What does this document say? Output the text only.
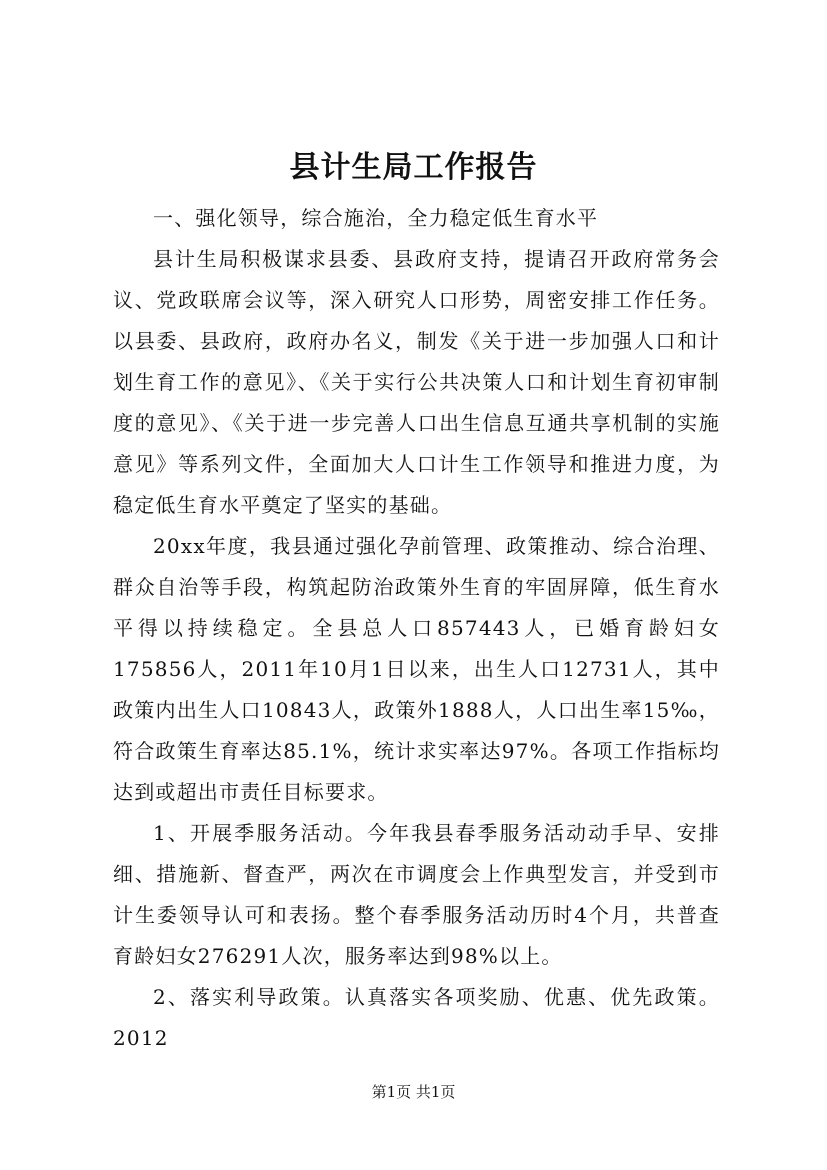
县计生局工作报告

一、强化领导，综合施治，全力稳定低生育水平

县计生局积极谋求县委、县政府支持，提请召开政府常务会议、党政联席会议等，深入研究人口形势，周密安排工作任务。以县委、县政府，政府办名义，制发《关于进一步加强人口和计划生育工作的意见》、《关于实行公共决策人口和计划生育初审制度的意见》、《关于进一步完善人口出生信息互通共享机制的实施意见》等系列文件，全面加大人口计生工作领导和推进力度，为稳定低生育水平奠定了坚实的基础。

20xx年度，我县通过强化孕前管理、政策推动、综合治理、群众自治等手段，构筑起防治政策外生育的牢固屏障，低生育水平得以持续稳定。全县总人口857443人，已婚育龄妇女175856人，2011年10月1日以来，出生人口12731人，其中政策内出生人口10843人，政策外1888人，人口出生率15‰，符合政策生育率达85.1%，统计求实率达97%。各项工作指标均达到或超出市责任目标要求。

1、开展季服务活动。今年我县春季服务活动动手早、安排细、措施新、督查严，两次在市调度会上作典型发言，并受到市计生委领导认可和表扬。整个春季服务活动历时4个月，共普查育龄妇女276291人次，服务率达到98%以上。

2、落实利导政策。认真落实各项奖励、优惠、优先政策。2012

第1页 共1页
